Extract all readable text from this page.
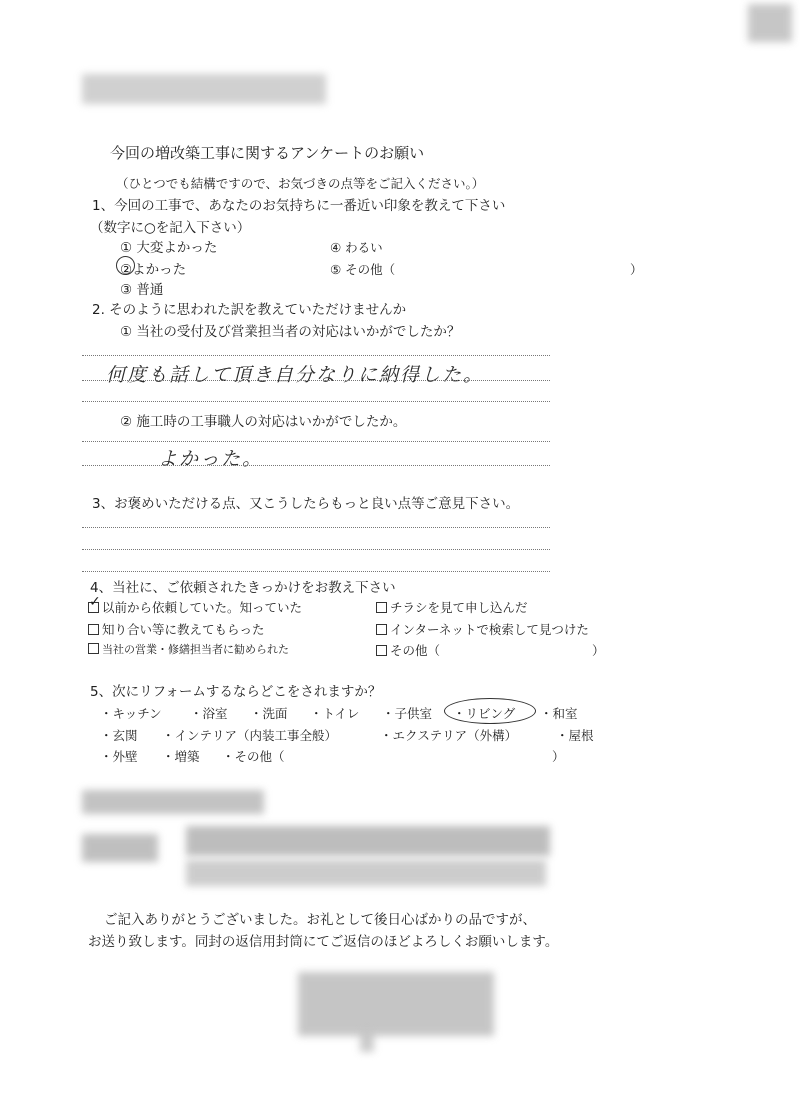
今回の増改築工事に関するアンケートのお願い
（ひとつでも結構ですので、お気づきの点等をご記入ください。）
1、今回の工事で、あなたのお気持ちに一番近い印象を教えて下さい
（数字に○を記入下さい）
① 大変よかった
②よかった
③ 普通
④ わるい
⑤ その他（	）
2. そのように思われた訳を教えていただけませんか
① 当社の受付及び営業担当者の対応はいかがでしたか？
何度も話して頂き自分なりに納得した。
② 施工時の工事職人の対応はいかがでしたか。
よかった。
3、お褒めいただける点、又こうしたらもっと良い点等ご意見下さい。
4、当社に、ご依頼されたきっかけをお教え下さい
✓ 以前から依頼していた。知っていた	チラシを見て申し込んだ
知り合い等に教えてもらった	インターネットで検索して見つけた
当社の営業・修繕担当者に勧められた	その他（	）
5、次にリフォームするならどこをされますか？
・キッチン ・浴室 ・洗面 ・トイレ ・子供室 ・リビング ・和室
・玄関 ・インテリア（内装工事全般）	・エクステリア（外構）	・屋根
・外壁 ・増築 ・その他（	）
ご記入ありがとうございました。お礼として後日心ばかりの品ですが、
お送り致します。同封の返信用封筒にてご返信のほどよろしくお願いします。
